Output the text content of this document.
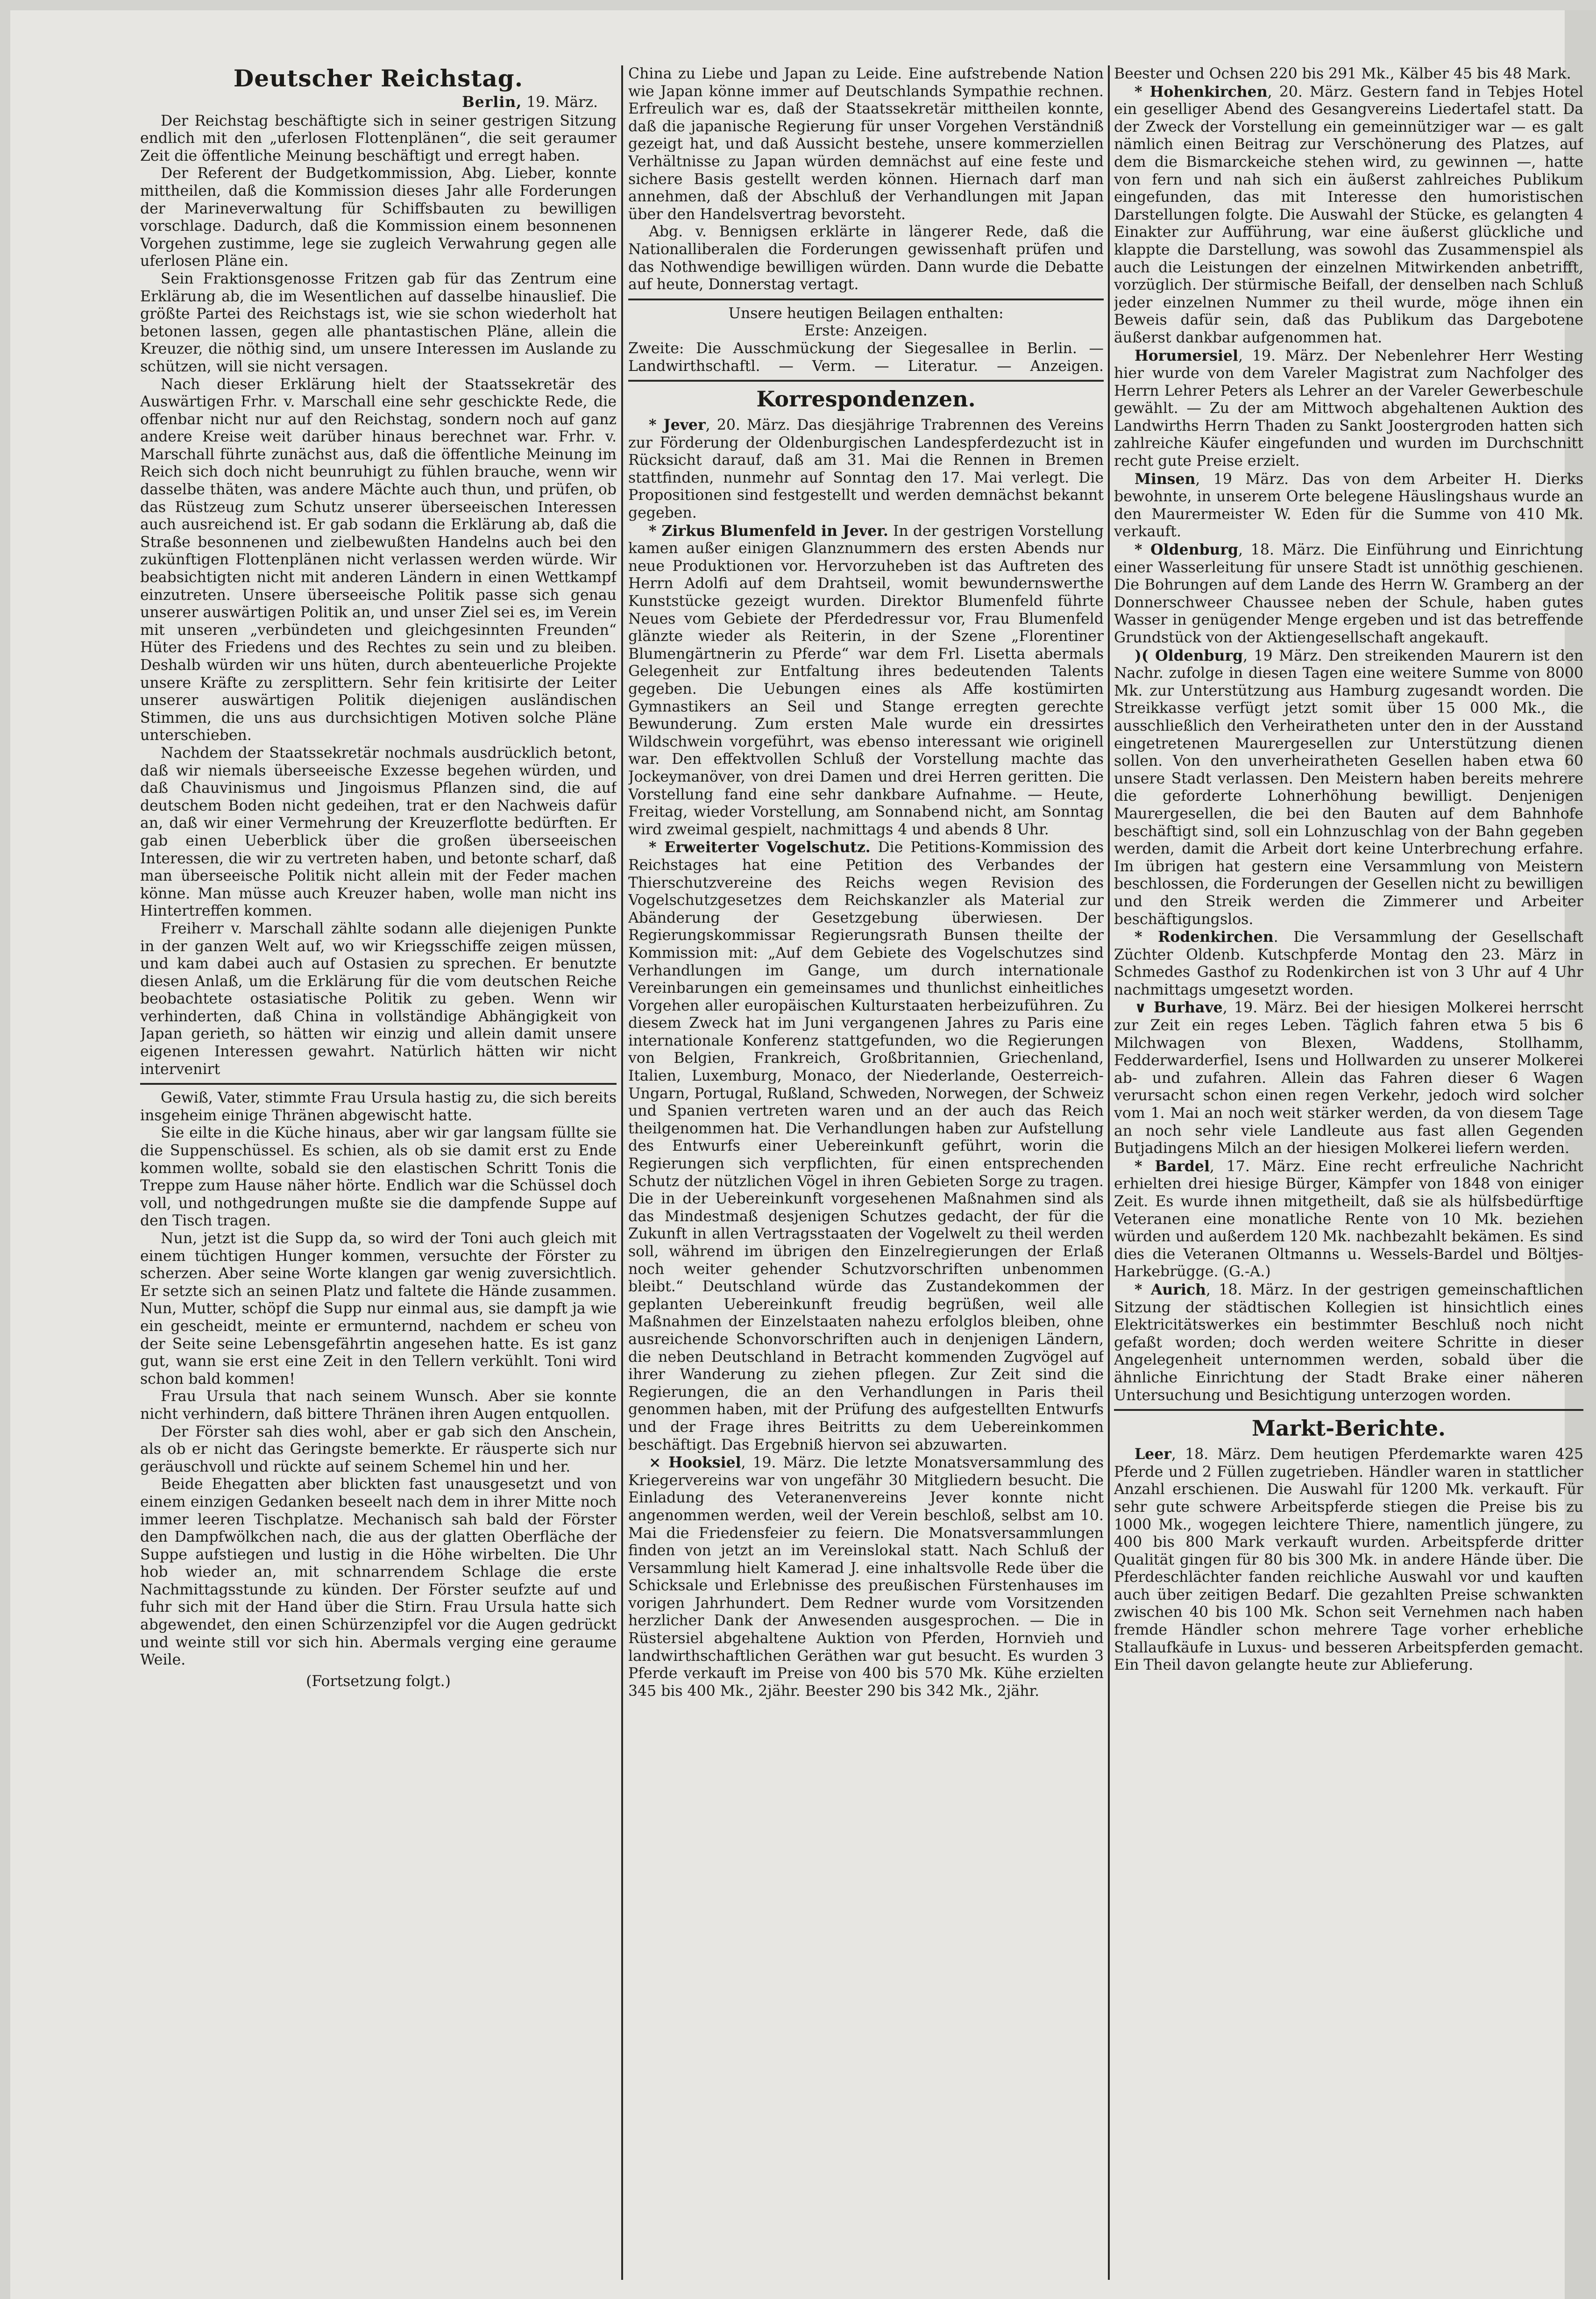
Deutscher Reichstag.
Berlin, 19. März.

Der Reichstag beschäftigte sich in seiner gestrigen Sitzung endlich mit den „uferlosen Flottenplänen“, die seit geraumer Zeit die öffentliche Meinung beschäftigt und erregt haben.

Der Referent der Budgetkommission, Abg. Lieber, konnte mittheilen, daß die Kommission dieses Jahr alle Forderungen der Marineverwaltung für Schiffsbauten zu bewilligen vorschlage. Dadurch, daß die Kommission einem besonnenen Vorgehen zustimme, lege sie zugleich Verwahrung gegen alle uferlosen Pläne ein.

Sein Fraktionsgenosse Fritzen gab für das Zentrum eine Erklärung ab, die im Wesentlichen auf dasselbe hinauslief. Die größte Partei des Reichstags ist, wie sie schon wiederholt hat betonen lassen, gegen alle phantastischen Pläne, allein die Kreuzer, die nöthig sind, um unsere Interessen im Auslande zu schützen, will sie nicht versagen.

Nach dieser Erklärung hielt der Staatssekretär des Auswärtigen Frhr. v. Marschall eine sehr geschickte Rede, die offenbar nicht nur auf den Reichstag, sondern noch auf ganz andere Kreise weit darüber hinaus berechnet war. Frhr. v. Marschall führte zunächst aus, daß die öffentliche Meinung im Reich sich doch nicht beunruhigt zu fühlen brauche, wenn wir dasselbe thäten, was andere Mächte auch thun, und prüfen, ob das Rüstzeug zum Schutz unserer überseeischen Interessen auch ausreichend ist. Er gab sodann die Erklärung ab, daß die Straße besonnenen und zielbewußten Handelns auch bei den zukünftigen Flottenplänen nicht verlassen werden würde. Wir beabsichtigten nicht mit anderen Ländern in einen Wettkampf einzutreten. Unsere überseeische Politik passe sich genau unserer auswärtigen Politik an, und unser Ziel sei es, im Verein mit unseren „verbündeten und gleichgesinnten Freunden“ Hüter des Friedens und des Rechtes zu sein und zu bleiben. Deshalb würden wir uns hüten, durch abenteuerliche Projekte unsere Kräfte zu zersplittern. Sehr fein kritisirte der Leiter unserer auswärtigen Politik diejenigen ausländischen Stimmen, die uns aus durchsichtigen Motiven solche Pläne unterschieben.

Nachdem der Staatssekretär nochmals ausdrücklich betont, daß wir niemals überseeische Exzesse begehen würden, und daß Chauvinismus und Jingoismus Pflanzen sind, die auf deutschem Boden nicht gedeihen, trat er den Nachweis dafür an, daß wir einer Vermehrung der Kreuzerflotte bedürften. Er gab einen Ueberblick über die großen überseeischen Interessen, die wir zu vertreten haben, und betonte scharf, daß man überseeische Politik nicht allein mit der Feder machen könne. Man müsse auch Kreuzer haben, wolle man nicht ins Hintertreffen kommen.

Freiherr v. Marschall zählte sodann alle diejenigen Punkte in der ganzen Welt auf, wo wir Kriegsschiffe zeigen müssen, und kam dabei auch auf Ostasien zu sprechen. Er benutzte diesen Anlaß, um die Erklärung für die vom deutschen Reiche beobachtete ostasiatische Politik zu geben. Wenn wir verhinderten, daß China in vollständige Abhängigkeit von Japan gerieth, so hätten wir einzig und allein damit unsere eigenen Interessen gewahrt. Natürlich hätten wir nicht intervenirt

Gewiß, Vater, stimmte Frau Ursula hastig zu, die sich bereits insgeheim einige Thränen abgewischt hatte.

Sie eilte in die Küche hinaus, aber wir gar langsam füllte sie die Suppenschüssel. Es schien, als ob sie damit erst zu Ende kommen wollte, sobald sie den elastischen Schritt Tonis die Treppe zum Hause näher hörte. Endlich war die Schüssel doch voll, und nothgedrungen mußte sie die dampfende Suppe auf den Tisch tragen.

Nun, jetzt ist die Supp da, so wird der Toni auch gleich mit einem tüchtigen Hunger kommen, versuchte der Förster zu scherzen. Aber seine Worte klangen gar wenig zuversichtlich. Er setzte sich an seinen Platz und faltete die Hände zusammen. Nun, Mutter, schöpf die Supp nur einmal aus, sie dampft ja wie ein gescheidt, meinte er ermunternd, nachdem er scheu von der Seite seine Lebensgefährtin angesehen hatte. Es ist ganz gut, wann sie erst eine Zeit in den Tellern verkühlt. Toni wird schon bald kommen!

Frau Ursula that nach seinem Wunsch. Aber sie konnte nicht verhindern, daß bittere Thränen ihren Augen entquollen.

Der Förster sah dies wohl, aber er gab sich den Anschein, als ob er nicht das Geringste bemerkte. Er räusperte sich nur geräuschvoll und rückte auf seinem Schemel hin und her.

Beide Ehegatten aber blickten fast unausgesetzt und von einem einzigen Gedanken beseelt nach dem in ihrer Mitte noch immer leeren Tischplatze. Mechanisch sah bald der Förster den Dampfwölkchen nach, die aus der glatten Oberfläche der Suppe aufstiegen und lustig in die Höhe wirbelten. Die Uhr hob wieder an, mit schnarrendem Schlage die erste Nachmittagsstunde zu künden. Der Förster seufzte auf und fuhr sich mit der Hand über die Stirn. Frau Ursula hatte sich abgewendet, den einen Schürzenzipfel vor die Augen gedrückt und weinte still vor sich hin. Abermals verging eine geraume Weile.

(Fortsetzung folgt.)

China zu Liebe und Japan zu Leide. Eine aufstrebende Nation wie Japan könne immer auf Deutschlands Sympathie rechnen. Erfreulich war es, daß der Staatssekretär mittheilen konnte, daß die japanische Regierung für unser Vorgehen Verständniß gezeigt hat, und daß Aussicht bestehe, unsere kommerziellen Verhältnisse zu Japan würden demnächst auf eine feste und sichere Basis gestellt werden können. Hiernach darf man annehmen, daß der Abschluß der Verhandlungen mit Japan über den Handelsvertrag bevorsteht.

Abg. v. Bennigsen erklärte in längerer Rede, daß die Nationalliberalen die Forderungen gewissenhaft prüfen und das Nothwendige bewilligen würden. Dann wurde die Debatte auf heute, Donnerstag vertagt.

Unsere heutigen Beilagen enthalten:
Erste: Anzeigen.
Zweite: Die Ausschmückung der Siegesallee in Berlin. — Landwirthschaftl. — Verm. — Literatur. — Anzeigen.
Korrespondenzen.

* Jever, 20. März. Das diesjährige Trabrennen des Vereins zur Förderung der Oldenburgischen Landespferdezucht ist in Rücksicht darauf, daß am 31. Mai die Rennen in Bremen stattfinden, nunmehr auf Sonntag den 17. Mai verlegt. Die Propositionen sind festgestellt und werden demnächst bekannt gegeben.

* Zirkus Blumenfeld in Jever. In der gestrigen Vorstellung kamen außer einigen Glanznummern des ersten Abends nur neue Produktionen vor. Hervorzuheben ist das Auftreten des Herrn Adolfi auf dem Drahtseil, womit bewundernswerthe Kunststücke gezeigt wurden. Direktor Blumenfeld führte Neues vom Gebiete der Pferdedressur vor, Frau Blumenfeld glänzte wieder als Reiterin, in der Szene „Florentiner Blumengärtnerin zu Pferde“ war dem Frl. Lisetta abermals Gelegenheit zur Entfaltung ihres bedeutenden Talents gegeben. Die Uebungen eines als Affe kostümirten Gymnastikers an Seil und Stange erregten gerechte Bewunderung. Zum ersten Male wurde ein dressirtes Wildschwein vorgeführt, was ebenso interessant wie originell war. Den effektvollen Schluß der Vorstellung machte das Jockeymanöver, von drei Damen und drei Herren geritten. Die Vorstellung fand eine sehr dankbare Aufnahme. — Heute, Freitag, wieder Vorstellung, am Sonnabend nicht, am Sonntag wird zweimal gespielt, nachmittags 4 und abends 8 Uhr.

* Erweiterter Vogelschutz. Die Petitions-Kommission des Reichstages hat eine Petition des Verbandes der Thierschutzvereine des Reichs wegen Revision des Vogelschutzgesetzes dem Reichskanzler als Material zur Abänderung der Gesetzgebung überwiesen. Der Regierungskommissar Regierungsrath Bunsen theilte der Kommission mit: „Auf dem Gebiete des Vogelschutzes sind Verhandlungen im Gange, um durch internationale Vereinbarungen ein gemeinsames und thunlichst einheitliches Vorgehen aller europäischen Kulturstaaten herbeizuführen. Zu diesem Zweck hat im Juni vergangenen Jahres zu Paris eine internationale Konferenz stattgefunden, wo die Regierungen von Belgien, Frankreich, Großbritannien, Griechenland, Italien, Luxemburg, Monaco, der Niederlande, Oesterreich-Ungarn, Portugal, Rußland, Schweden, Norwegen, der Schweiz und Spanien vertreten waren und an der auch das Reich theilgenommen hat. Die Verhandlungen haben zur Aufstellung des Entwurfs einer Uebereinkunft geführt, worin die Regierungen sich verpflichten, für einen entsprechenden Schutz der nützlichen Vögel in ihren Gebieten Sorge zu tragen. Die in der Uebereinkunft vorgesehenen Maßnahmen sind als das Mindestmaß desjenigen Schutzes gedacht, der für die Zukunft in allen Vertragsstaaten der Vogelwelt zu theil werden soll, während im übrigen den Einzelregierungen der Erlaß noch weiter gehender Schutzvorschriften unbenommen bleibt.“ Deutschland würde das Zustandekommen der geplanten Uebereinkunft freudig begrüßen, weil alle Maßnahmen der Einzelstaaten nahezu erfolglos bleiben, ohne ausreichende Schonvorschriften auch in denjenigen Ländern, die neben Deutschland in Betracht kommenden Zugvögel auf ihrer Wanderung zu ziehen pflegen. Zur Zeit sind die Regierungen, die an den Verhandlungen in Paris theil genommen haben, mit der Prüfung des aufgestellten Entwurfs und der Frage ihres Beitritts zu dem Uebereinkommen beschäftigt. Das Ergebniß hiervon sei abzuwarten.

× Hooksiel, 19. März. Die letzte Monatsversammlung des Kriegervereins war von ungefähr 30 Mitgliedern besucht. Die Einladung des Veteranenvereins Jever konnte nicht angenommen werden, weil der Verein beschloß, selbst am 10. Mai die Friedensfeier zu feiern. Die Monatsversammlungen finden von jetzt an im Vereinslokal statt. Nach Schluß der Versammlung hielt Kamerad J. eine inhaltsvolle Rede über die Schicksale und Erlebnisse des preußischen Fürstenhauses im vorigen Jahrhundert. Dem Redner wurde vom Vorsitzenden herzlicher Dank der Anwesenden ausgesprochen. — Die in Rüstersiel abgehaltene Auktion von Pferden, Hornvieh und landwirthschaftlichen Geräthen war gut besucht. Es wurden 3 Pferde verkauft im Preise von 400 bis 570 Mk. Kühe erzielten 345 bis 400 Mk., 2jähr. Beester 290 bis 342 Mk., 2jähr.

Beester und Ochsen 220 bis 291 Mk., Kälber 45 bis 48 Mark.

* Hohenkirchen, 20. März. Gestern fand in Tebjes Hotel ein geselliger Abend des Gesangvereins Liedertafel statt. Da der Zweck der Vorstellung ein gemeinnütziger war — es galt nämlich einen Beitrag zur Verschönerung des Platzes, auf dem die Bismarckeiche stehen wird, zu gewinnen —, hatte von fern und nah sich ein äußerst zahlreiches Publikum eingefunden, das mit Interesse den humoristischen Darstellungen folgte. Die Auswahl der Stücke, es gelangten 4 Einakter zur Aufführung, war eine äußerst glückliche und klappte die Darstellung, was sowohl das Zusammenspiel als auch die Leistungen der einzelnen Mitwirkenden anbetrifft, vorzüglich. Der stürmische Beifall, der denselben nach Schluß jeder einzelnen Nummer zu theil wurde, möge ihnen ein Beweis dafür sein, daß das Publikum das Dargebotene äußerst dankbar aufgenommen hat.

Horumersiel, 19. März. Der Nebenlehrer Herr Westing hier wurde von dem Vareler Magistrat zum Nachfolger des Herrn Lehrer Peters als Lehrer an der Vareler Gewerbeschule gewählt. — Zu der am Mittwoch abgehaltenen Auktion des Landwirths Herrn Thaden zu Sankt Joostergroden hatten sich zahlreiche Käufer eingefunden und wurden im Durchschnitt recht gute Preise erzielt.

Minsen, 19 März. Das von dem Arbeiter H. Dierks bewohnte, in unserem Orte belegene Häuslingshaus wurde an den Maurermeister W. Eden für die Summe von 410 Mk. verkauft.

* Oldenburg, 18. März. Die Einführung und Einrichtung einer Wasserleitung für unsere Stadt ist unnöthig geschienen. Die Bohrungen auf dem Lande des Herrn W. Gramberg an der Donnerschweer Chaussee neben der Schule, haben gutes Wasser in genügender Menge ergeben und ist das betreffende Grundstück von der Aktiengesellschaft angekauft.

)( Oldenburg, 19 März. Den streikenden Maurern ist den Nachr. zufolge in diesen Tagen eine weitere Summe von 8000 Mk. zur Unterstützung aus Hamburg zugesandt worden. Die Streikkasse verfügt jetzt somit über 15 000 Mk., die ausschließlich den Verheiratheten unter den in der Ausstand eingetretenen Maurergesellen zur Unterstützung dienen sollen. Von den unverheiratheten Gesellen haben etwa 60 unsere Stadt verlassen. Den Meistern haben bereits mehrere die geforderte Lohnerhöhung bewilligt. Denjenigen Maurergesellen, die bei den Bauten auf dem Bahnhofe beschäftigt sind, soll ein Lohnzuschlag von der Bahn gegeben werden, damit die Arbeit dort keine Unterbrechung erfahre. Im übrigen hat gestern eine Versammlung von Meistern beschlossen, die Forderungen der Gesellen nicht zu bewilligen und den Streik werden die Zimmerer und Arbeiter beschäftigungslos.

* Rodenkirchen. Die Versammlung der Gesellschaft Züchter Oldenb. Kutschpferde Montag den 23. März in Schmedes Gasthof zu Rodenkirchen ist von 3 Uhr auf 4 Uhr nachmittags umgesetzt worden.

∨ Burhave, 19. März. Bei der hiesigen Molkerei herrscht zur Zeit ein reges Leben. Täglich fahren etwa 5 bis 6 Milchwagen von Blexen, Waddens, Stollhamm, Fedderwarderfiel, Isens und Hollwarden zu unserer Molkerei ab- und zufahren. Allein das Fahren dieser 6 Wagen verursacht schon einen regen Verkehr, jedoch wird solcher vom 1. Mai an noch weit stärker werden, da von diesem Tage an noch sehr viele Landleute aus fast allen Gegenden Butjadingens Milch an der hiesigen Molkerei liefern werden.

* Bardel, 17. März. Eine recht erfreuliche Nachricht erhielten drei hiesige Bürger, Kämpfer von 1848 von einiger Zeit. Es wurde ihnen mitgetheilt, daß sie als hülfsbedürftige Veteranen eine monatliche Rente von 10 Mk. beziehen würden und außerdem 120 Mk. nachbezahlt bekämen. Es sind dies die Veteranen Oltmanns u. Wessels-Bardel und Böltjes-Harkebrügge. (G.-A.)

* Aurich, 18. März. In der gestrigen gemeinschaftlichen Sitzung der städtischen Kollegien ist hinsichtlich eines Elektricitätswerkes ein bestimmter Beschluß noch nicht gefaßt worden; doch werden weitere Schritte in dieser Angelegenheit unternommen werden, sobald über die ähnliche Einrichtung der Stadt Brake einer näheren Untersuchung und Besichtigung unterzogen worden.

Markt-Berichte.

Leer, 18. März. Dem heutigen Pferdemarkte waren 425 Pferde und 2 Füllen zugetrieben. Händler waren in stattlicher Anzahl erschienen. Die Auswahl für 1200 Mk. verkauft. Für sehr gute schwere Arbeitspferde stiegen die Preise bis zu 1000 Mk., wogegen leichtere Thiere, namentlich jüngere, zu 400 bis 800 Mark verkauft wurden. Arbeitspferde dritter Qualität gingen für 80 bis 300 Mk. in andere Hände über. Die Pferdeschlächter fanden reichliche Auswahl vor und kauften auch über zeitigen Bedarf. Die gezahlten Preise schwankten zwischen 40 bis 100 Mk. Schon seit Vernehmen nach haben fremde Händler schon mehrere Tage vorher erhebliche Stallaufkäufe in Luxus- und besseren Arbeitspferden gemacht. Ein Theil davon gelangte heute zur Ablieferung.
